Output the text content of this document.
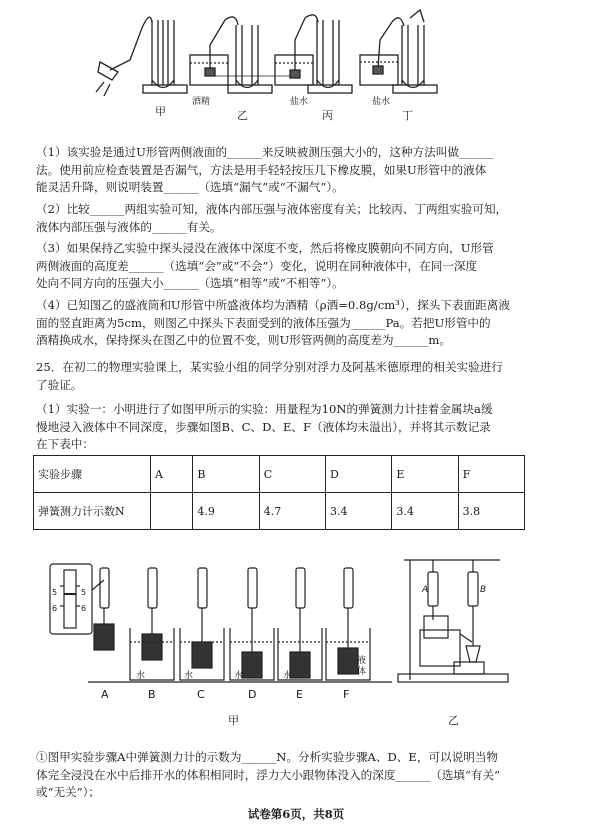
甲	乙	丙	丁
酒精	盐水	盐水
（1）该实验是通过U形管两侧液面的______来反映被测压强大小的，这种方法叫做______
法。使用前应检查装置是否漏气，方法是用手轻轻按压几下橡皮膜，如果U形管中的液体
能灵活升降，则说明装置______（选填“漏气”或“不漏气”）。
（2）比较______两组实验可知，液体内部压强与液体密度有关；比较丙、丁两组实验可知，
液体内部压强与液体的______有关。
（3）如果保持乙实验中探头浸没在液体中深度不变，然后将橡皮膜朝向不同方向，U形管
两侧液面的高度差______（选填“会”或“不会”）变化，说明在同种液体中，在同一深度
处向不同方向的压强大小______（选填“相等”或“不相等”）。
（4）已知图乙的盛液筒和U形管中所盛液体均为酒精（ρ酒=0.8g/cm³），探头下表面距离液
面的竖直距离为5cm，则图乙中探头下表面受到的液体压强为______Pa。若把U形管中的
酒精换成水，保持探头在图乙中的位置不变，则U形管两侧的高度差为______m。
25．在初二的物理实验课上，某实验小组的同学分别对浮力及阿基米德原理的相关实验进行
了验证。
（1）实验一：小明进行了如图甲所示的实验：用量程为10N的弹簧测力计挂着金属块a缓
慢地浸入液体中不同深度，步骤如图B、C、D、E、F（液体均未溢出），并将其示数记录
在下表中：
实验步骤	A	B	C	D	E	F
弹簧测力计示数N		4.9	4.7	3.4	3.4	3.8
5
6
5
6
A	B	C	D	E	F
水	水	水	水
液体
甲	乙
A	B
①图甲实验步骤A中弹簧测力计的示数为______N。分析实验步骤A、D、E，可以说明当物
体完全浸没在水中后排开水的体积相同时，浮力大小跟物体没入的深度______（选填“有关”
或“无关”）；
试卷第6页，共8页
